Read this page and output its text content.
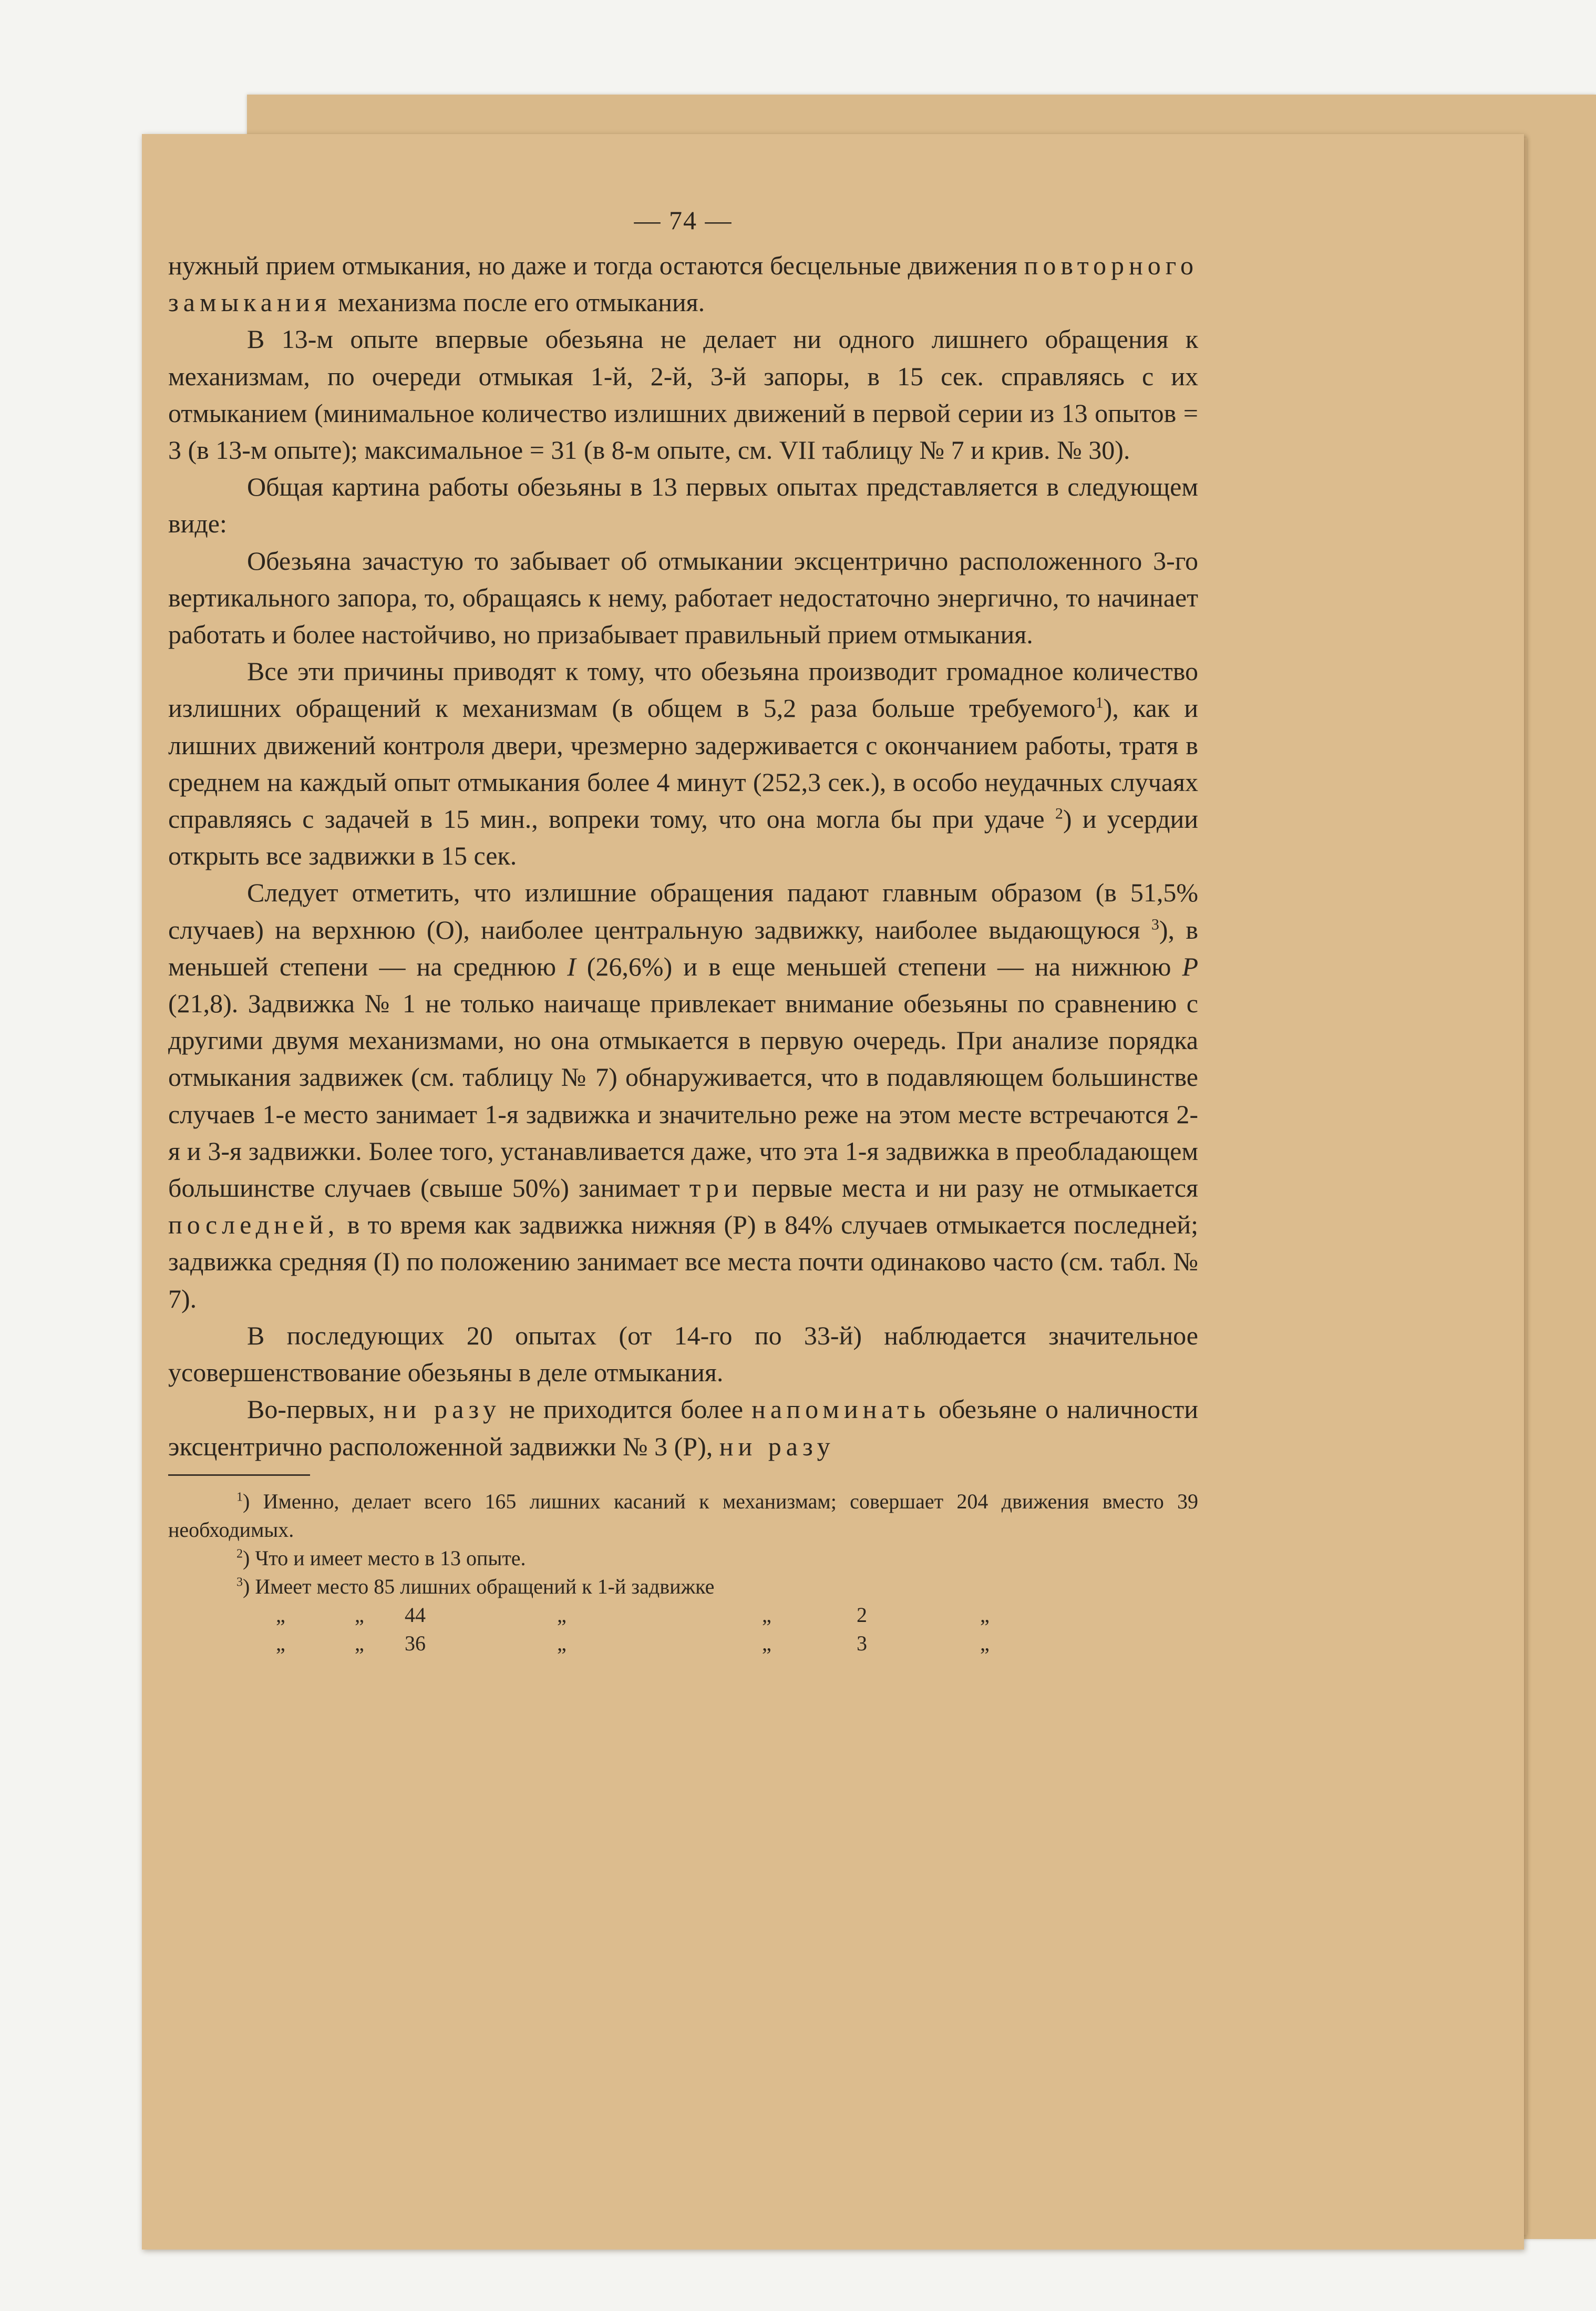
— 74 —

нужный прием отмыкания, но даже и тогда остаются бесцельные движения повторного замыкания механизма после его отмыкания.

В 13-м опыте впервые обезьяна не делает ни одного лишнего обращения к механизмам, по очереди отмыкая 1-й, 2-й, 3-й запоры, в 15 сек. справляясь с их отмыканием (минимальное количество излишних движений в первой серии из 13 опытов = 3 (в 13-м опыте); максимальное = 31 (в 8-м опыте, см. VII таблицу № 7 и крив. № 30).

Общая картина работы обезьяны в 13 первых опытах представляется в следующем виде:

Обезьяна зачастую то забывает об отмыкании эксцентрично расположенного 3-го вертикального запора, то, обращаясь к нему, работает недостаточно энергично, то начинает работать и более настойчиво, но призабывает правильный прием отмыкания.

Все эти причины приводят к тому, что обезьяна производит громадное количество излишних обращений к механизмам (в общем в 5,2 раза больше требуемого$^1$), как и лишних движений контроля двери, чрезмерно задерживается с окончанием работы, тратя в среднем на каждый опыт отмыкания более 4 минут (252,3 сек.), в особо неудачных случаях справляясь с задачей в 15 мин., вопреки тому, что она могла бы при удаче $^2$) и усердии открыть все задвижки в 15 сек.

Следует отметить, что излишние обращения падают главным образом (в 51,5% случаев) на верхнюю (O), наиболее центральную задвижку, наиболее выдающуюся $^3$), в меньшей степени — на среднюю I (26,6%) и в еще меньшей степени — на нижнюю P (21,8). Задвижка № 1 не только наичаще привлекает внимание обезьяны по сравнению с другими двумя механизмами, но она отмыкается в первую очередь. При анализе порядка отмыкания задвижек (см. таблицу № 7) обнаруживается, что в подавляющем большинстве случаев 1-е место занимает 1-я задвижка и значительно реже на этом месте встречаются 2-я и 3-я задвижки. Более того, устанавливается даже, что эта 1-я задвижка в преобладающем большинстве случаев (свыше 50%) занимает три первые места и ни разу не отмыкается последней, в то время как задвижка нижняя (P) в 84% случаев отмыкается последней; задвижка средняя (I) по положению занимает все места почти одинаково часто (см. табл. № 7).

В последующих 20 опытах (от 14-го по 33-й) наблюдается значительное усовершенствование обезьяны в деле отмыкания.

Во-первых, ни разу не приходится более напоминать обезьяне о наличности эксцентрично расположенной задвижки № 3 (P), ни разу

$^1$) Именно, делает всего 165 лишних касаний к механизмам; совершает 204 движения вместо 39 необходимых.

$^2$) Что и имеет место в 13 опыте.

$^3$) Имеет место 85 лишних обращений к 1-й задвижке

„	„ 44	„	„	2	„
„	„ 36	„	„	3	„
